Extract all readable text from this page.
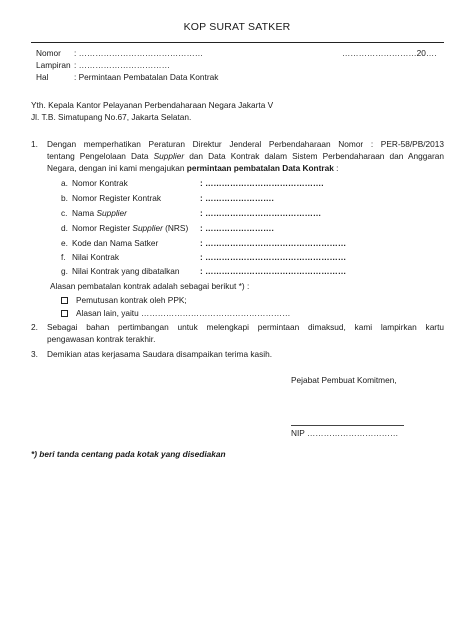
KOP SURAT SATKER
Nomor : ………………………………………	………………………20….
Lampiran : ……………………………
Hal	: Permintaan Pembatalan Data Kontrak
Yth. Kepala Kantor Pelayanan Perbendaharaan Negara Jakarta V
Jl. T.B. Simatupang No.67, Jakarta Selatan.
1. Dengan memperhatikan Peraturan Direktur Jenderal Perbendaharaan Nomor : PER-58/PB/2013
tentang Pengelolaan Data Supplier dan Data Kontrak dalam Sistem Perbendaharaan dan Anggaran
Negara, dengan ini kami mengajukan permintaan pembatalan Data Kontrak :
a. Nomor Kontrak	: …………………………………….
b. Nomor Register Kontrak	: …………………….
c. Nama Supplier	: ……………………………………
d. Nomor Register Supplier (NRS) : …………………….
e. Kode dan Nama Satker	: ……………………………………………
f. Nilai Kontrak	: ……………………………………………
g. Nilai Kontrak yang dibatalkan : ……………………………………………
Alasan pembatalan kontrak adalah sebagai berikut *) :
Pemutusan kontrak oleh PPK;
Alasan lain, yaitu ………………………………………………
2. Sebagai bahan pertimbangan untuk melengkapi permintaan dimaksud, kami lampirkan kartu
pengawasan kontrak terakhir.
3. Demikian atas kerjasama Saudara disampaikan terima kasih.
Pejabat Pembuat Komitmen,
NIP ……………………………
*) beri tanda centang pada kotak yang disediakan
